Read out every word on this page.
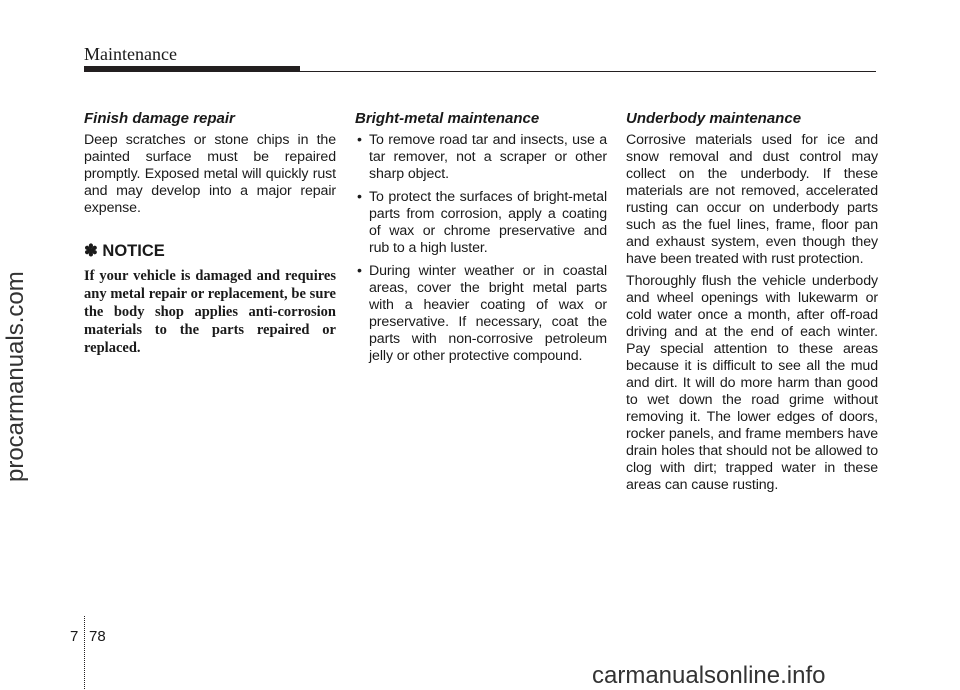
Maintenance
procarmanuals.com
Finish damage repair

Deep scratches or stone chips in the painted surface must be repaired promptly. Exposed metal will quickly rust and may develop into a major repair expense.

✽ NOTICE

If your vehicle is damaged and requires any metal repair or replacement, be sure the body shop applies anti-corrosion materials to the parts repaired or replaced.

Bright-metal maintenance
• To remove road tar and insects, use a tar remover, not a scraper or other sharp object.
• To protect the surfaces of bright-metal parts from corrosion, apply a coating of wax or chrome preservative and rub to a high luster.
• During winter weather or in coastal areas, cover the bright metal parts with a heavier coating of wax or preservative. If necessary, coat the parts with non-corrosive petroleum jelly or other protective compound.
Underbody maintenance

Corrosive materials used for ice and snow removal and dust control may collect on the underbody. If these materials are not removed, accelerated rusting can occur on underbody parts such as the fuel lines, frame, floor pan and exhaust system, even though they have been treated with rust protection.

Thoroughly flush the vehicle underbody and wheel openings with lukewarm or cold water once a month, after off-road driving and at the end of each winter. Pay special attention to these areas because it is difficult to see all the mud and dirt. It will do more harm than good to wet down the road grime without removing it. The lower edges of doors, rocker panels, and frame members have drain holes that should not be allowed to clog with dirt; trapped water in these areas can cause rusting.

7 78
carmanualsonline.info
